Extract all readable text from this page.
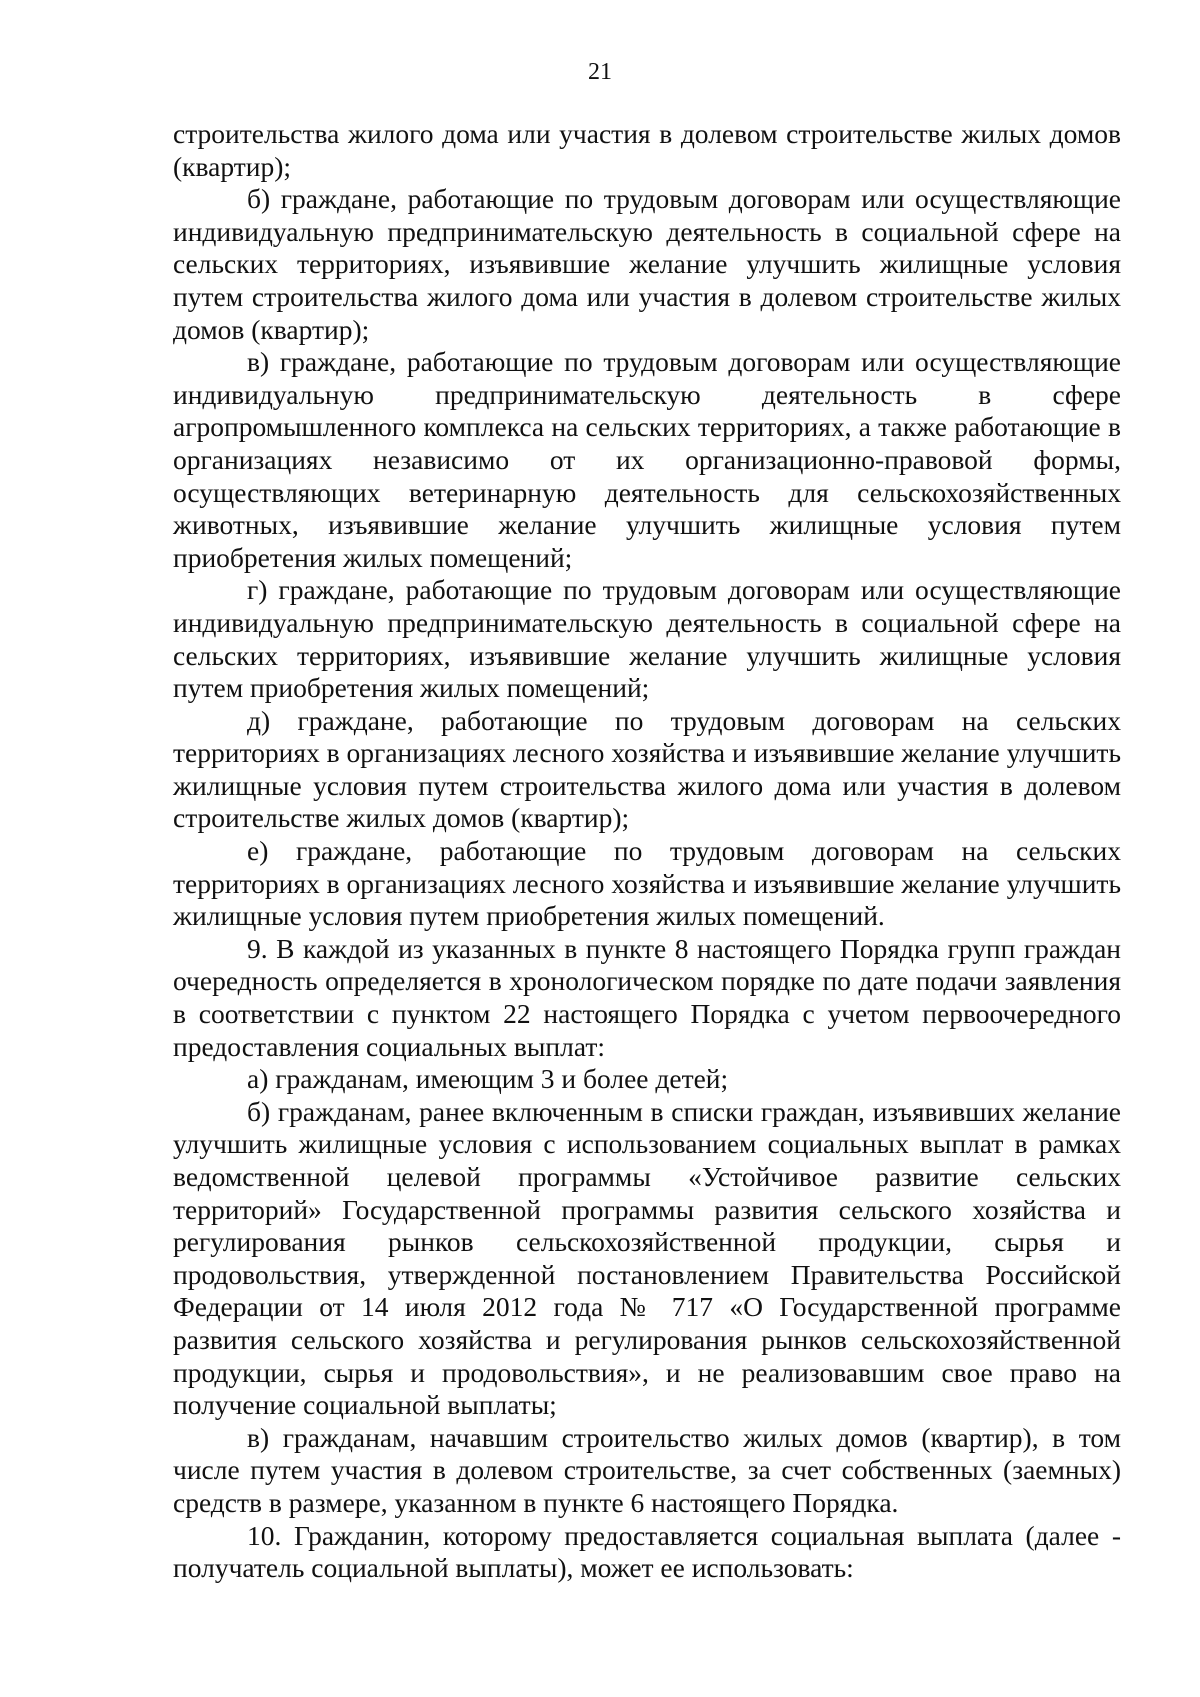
21

строительства жилого дома или участия в долевом строительстве жилых домов (квартир);

б) граждане, работающие по трудовым договорам или осуществляющие индивидуальную предпринимательскую деятельность в социальной сфере на сельских территориях, изъявившие желание улучшить жилищные условия путем строительства жилого дома или участия в долевом строительстве жилых домов (квартир);

в) граждане, работающие по трудовым договорам или осуществляющие индивидуальную предпринимательскую деятельность в сфере агропромышленного комплекса на сельских территориях, а также работающие в организациях независимо от их организационно-правовой формы, осуществляющих ветеринарную деятельность для сельскохозяйственных животных, изъявившие желание улучшить жилищные условия путем приобретения жилых помещений;

г) граждане, работающие по трудовым договорам или осуществляющие индивидуальную предпринимательскую деятельность в социальной сфере на сельских территориях, изъявившие желание улучшить жилищные условия путем приобретения жилых помещений;

д) граждане, работающие по трудовым договорам на сельских территориях в организациях лесного хозяйства и изъявившие желание улучшить жилищные условия путем строительства жилого дома или участия в долевом строительстве жилых домов (квартир);

е) граждане, работающие по трудовым договорам на сельских территориях в организациях лесного хозяйства и изъявившие желание улучшить жилищные условия путем приобретения жилых помещений.

9. В каждой из указанных в пункте 8 настоящего Порядка групп граждан очередность определяется в хронологическом порядке по дате подачи заявления в соответствии с пунктом 22 настоящего Порядка с учетом первоочередного предоставления социальных выплат:

а) гражданам, имеющим 3 и более детей;

б) гражданам, ранее включенным в списки граждан, изъявивших желание улучшить жилищные условия с использованием социальных выплат в рамках ведомственной целевой программы «Устойчивое развитие сельских территорий» Государственной программы развития сельского хозяйства и регулирования рынков сельскохозяйственной продукции, сырья и продовольствия, утвержденной постановлением Правительства Российской Федерации от 14 июля 2012 года № 717 «О Государственной программе развития сельского хозяйства и регулирования рынков сельскохозяйственной продукции, сырья и продовольствия», и не реализовавшим свое право на получение социальной выплаты;

в) гражданам, начавшим строительство жилых домов (квартир), в том числе путем участия в долевом строительстве, за счет собственных (заемных) средств в размере, указанном в пункте 6 настоящего Порядка.

10. Гражданин, которому предоставляется социальная выплата (далее - получатель социальной выплаты), может ее использовать:
